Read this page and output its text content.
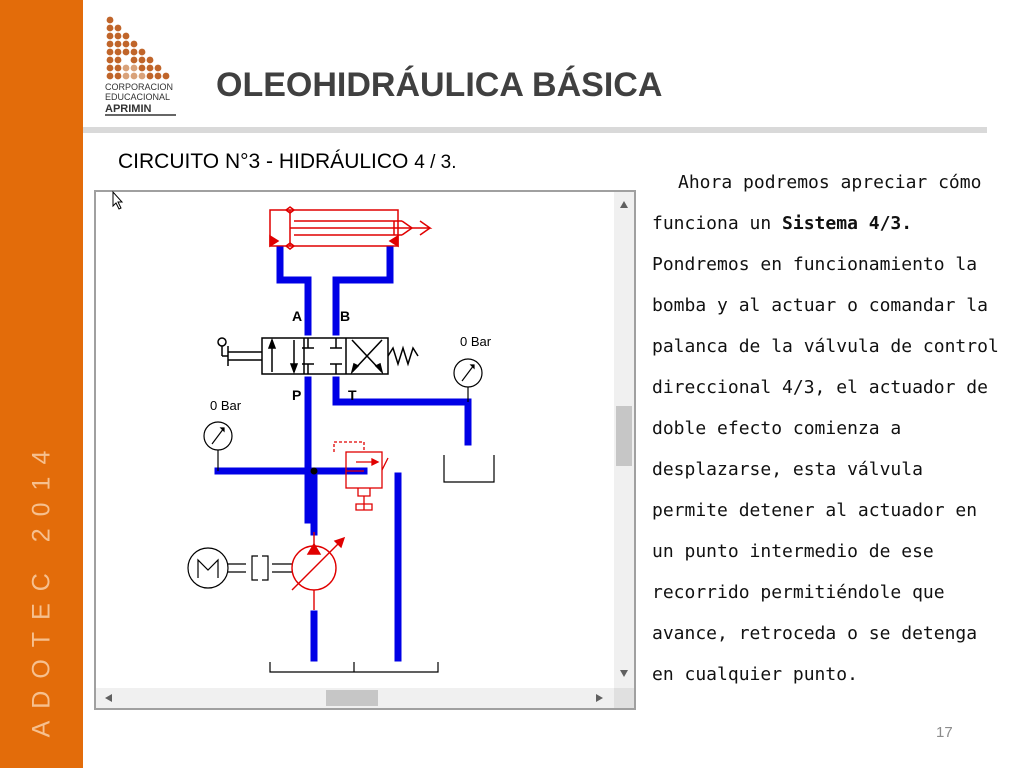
ADOTEC 2014
CORPORACION
EDUCACIONAL
APRIMIN
OLEOHIDRÁULICA BÁSICA
CIRCUITO N°3 - HIDRÁULICO 4 / 3.
A	B
P	T
0 Bar
0 Bar

Ahora podremos apreciar cómo funciona un Sistema 4/3. Pondremos en funcionamiento la bomba y al actuar o comandar la palanca de la válvula de control direccional 4/3, el actuador de doble efecto comienza a desplazarse, esta válvula permite detener al actuador en un punto intermedio de ese recorrido permitiéndole que avance, retroceda o se detenga en cualquier punto.

17
